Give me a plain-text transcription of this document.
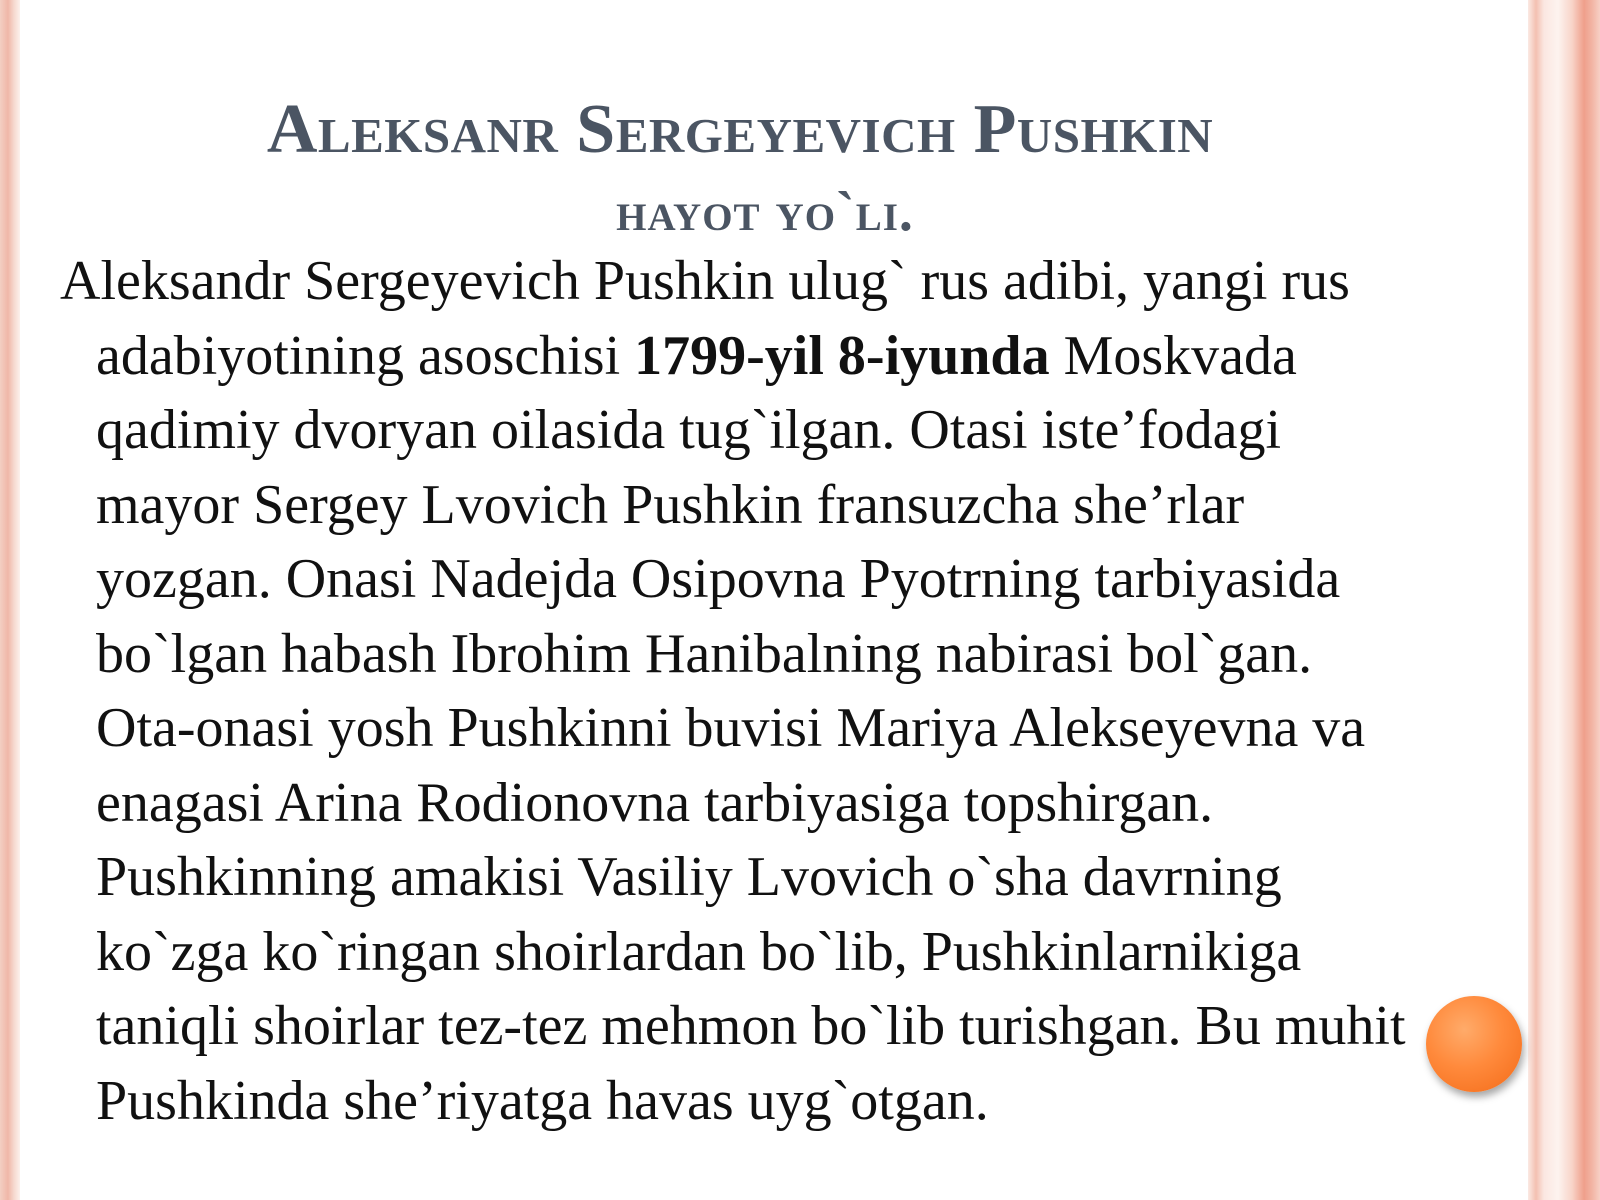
Aleksanr Sergeyevich Pushkin
hayot yo`li.
Aleksandr Sergeyevich Pushkin ulug` rus adibi, yangi rus
adabiyotining asoschisi 1799-yil 8-iyunda Moskvada
qadimiy dvoryan oilasida tug`ilgan. Otasi iste’fodagi
mayor Sergey Lvovich Pushkin fransuzcha she’rlar
yozgan. Onasi Nadejda Osipovna Pyotrning tarbiyasida
bo`lgan habash Ibrohim Hanibalning nabirasi bol`gan.
Ota-onasi yosh Pushkinni buvisi Mariya Alekseyevna va
enagasi Arina Rodionovna tarbiyasiga topshirgan.
Pushkinning amakisi Vasiliy Lvovich o`sha davrning
ko`zga ko`ringan shoirlardan bo`lib, Pushkinlarnikiga
taniqli shoirlar tez-tez mehmon bo`lib turishgan. Bu muhit
Pushkinda she’riyatga havas uyg`otgan.
